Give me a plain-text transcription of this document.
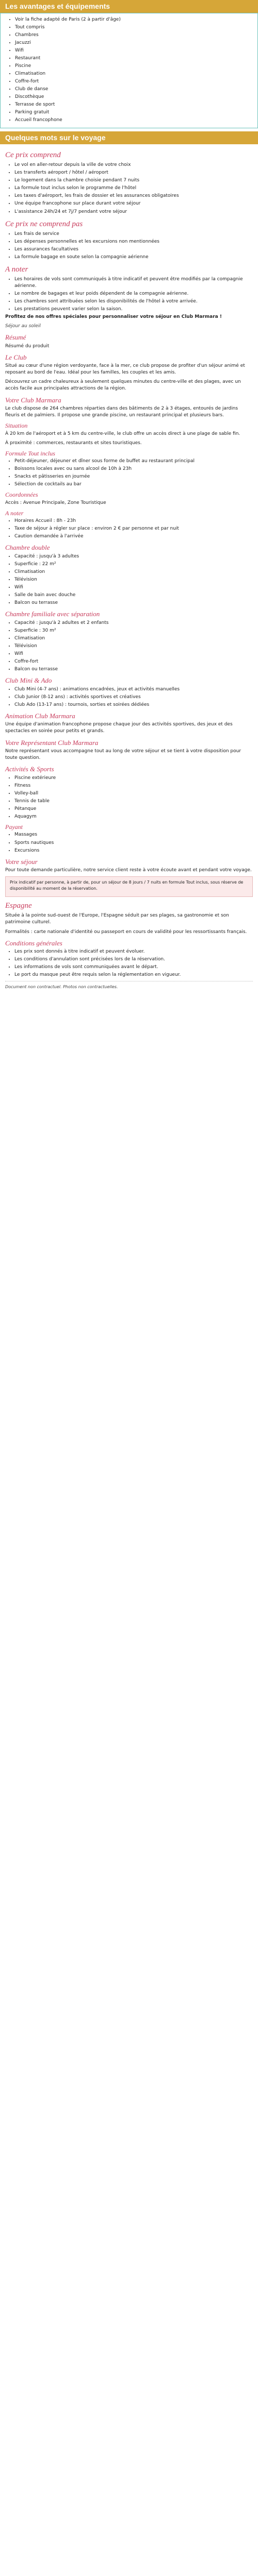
Les avantages et équipements
• Voir la fiche adapté de Paris (2 à partir d'âge)
• Tout compris
• Chambres
• Jacuzzi
• Wifi
• Restaurant
• Piscine
• Climatisation
• Coffre-fort
• Club de danse
• Discothèque
• Terrasse de sport
• Parking gratuit
• Accueil francophone
Quelques mots sur le voyage
Ce prix comprend
• Le vol en aller-retour depuis la ville de votre choix
• Les transferts aéroport / hôtel / aéroport
• Le logement dans la chambre choisie pendant 7 nuits
• La formule tout inclus selon le programme de l'hôtel
• Les taxes d'aéroport, les frais de dossier et les assurances obligatoires
• Une équipe francophone sur place durant votre séjour
• L'assistance 24h/24 et 7j/7 pendant votre séjour
Ce prix ne comprend pas
• Les frais de service
• Les dépenses personnelles et les excursions non mentionnées
• Les assurances facultatives
• La formule bagage en soute selon la compagnie aérienne
A noter
• Les horaires de vols sont communiqués à titre indicatif et peuvent être modifiés par la compagnie aérienne.
• Le nombre de bagages et leur poids dépendent de la compagnie aérienne.
• Les chambres sont attribuées selon les disponibilités de l'hôtel à votre arrivée.
• Les prestations peuvent varier selon la saison.

Profitez de nos offres spéciales pour personnaliser votre séjour en Club Marmara !

Séjour au soleil

Résumé

Résumé du produit

Le Club

Situé au cœur d'une région verdoyante, face à la mer, ce club propose de profiter d'un séjour animé et reposant au bord de l'eau. Idéal pour les familles, les couples et les amis.

Découvrez un cadre chaleureux à seulement quelques minutes du centre-ville et des plages, avec un accès facile aux principales attractions de la région.

Votre Club Marmara

Le club dispose de 264 chambres réparties dans des bâtiments de 2 à 3 étages, entourés de jardins fleuris et de palmiers. Il propose une grande piscine, un restaurant principal et plusieurs bars.

Situation

À 20 km de l'aéroport et à 5 km du centre-ville, le club offre un accès direct à une plage de sable fin.

À proximité : commerces, restaurants et sites touristiques.

Formule Tout inclus
• Petit-déjeuner, déjeuner et dîner sous forme de buffet au restaurant principal
• Boissons locales avec ou sans alcool de 10h à 23h
• Snacks et pâtisseries en journée
• Sélection de cocktails au bar
Coordonnées

Accès : Avenue Principale, Zone Touristique

A noter
• Horaires Accueil : 8h - 23h
• Taxe de séjour à régler sur place : environ 2 € par personne et par nuit
• Caution demandée à l'arrivée
Chambre double
• Capacité : jusqu'à 3 adultes
• Superficie : 22 m²
• Climatisation
• Télévision
• Wifi
• Salle de bain avec douche
• Balcon ou terrasse
Chambre familiale avec séparation
• Capacité : jusqu'à 2 adultes et 2 enfants
• Superficie : 30 m²
• Climatisation
• Télévision
• Wifi
• Coffre-fort
• Balcon ou terrasse
Club Mini & Ado
• Club Mini (4-7 ans) : animations encadrées, jeux et activités manuelles
• Club Junior (8-12 ans) : activités sportives et créatives
• Club Ado (13-17 ans) : tournois, sorties et soirées dédiées
Animation Club Marmara

Une équipe d'animation francophone propose chaque jour des activités sportives, des jeux et des spectacles en soirée pour petits et grands.

Votre Représentant Club Marmara

Notre représentant vous accompagne tout au long de votre séjour et se tient à votre disposition pour toute question.

Activités & Sports
• Piscine extérieure
• Fitness
• Volley-ball
• Tennis de table
• Pétanque
• Aquagym
Payant
• Massages
• Sports nautiques
• Excursions
Votre séjour

Pour toute demande particulière, notre service client reste à votre écoute avant et pendant votre voyage.

Prix indicatif par personne, à partir de, pour un séjour de 8 jours / 7 nuits en formule Tout inclus, sous réserve de disponibilité au moment de la réservation.

Espagne

Située à la pointe sud-ouest de l'Europe, l'Espagne séduit par ses plages, sa gastronomie et son patrimoine culturel.

Formalités : carte nationale d'identité ou passeport en cours de validité pour les ressortissants français.

Conditions générales
• Les prix sont donnés à titre indicatif et peuvent évoluer.
• Les conditions d'annulation sont précisées lors de la réservation.
• Les informations de vols sont communiquées avant le départ.
• Le port du masque peut être requis selon la réglementation en vigueur.

Document non contractuel. Photos non contractuelles.
